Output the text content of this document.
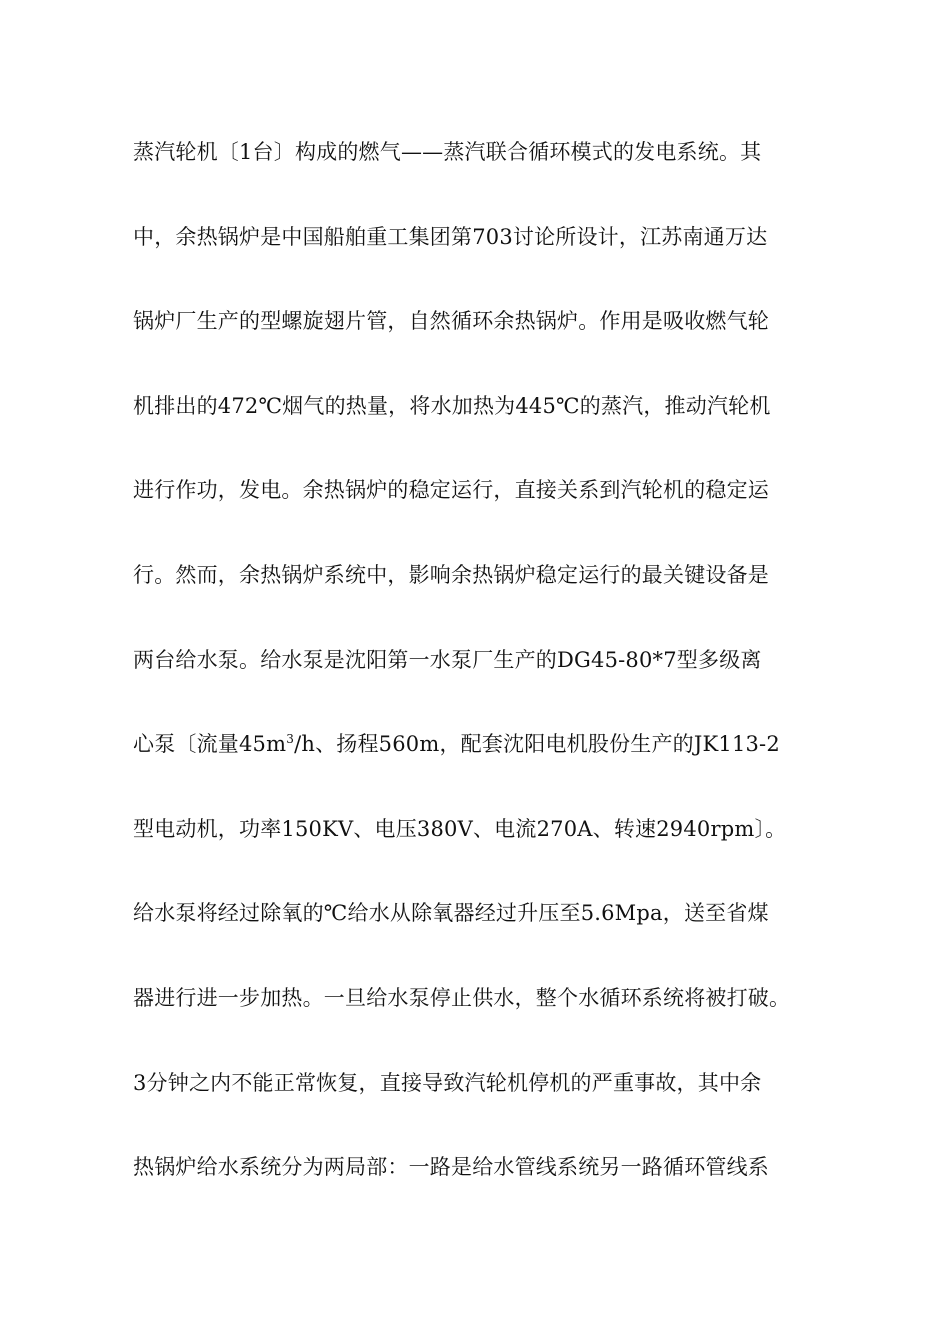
蒸汽轮机〔1台〕构成的燃气——蒸汽联合循环模式的发电系统。其
中，余热锅炉是中国船舶重工集团第703讨论所设计，江苏南通万达
锅炉厂生产的型螺旋翅片管，自然循环余热锅炉。作用是吸收燃气轮
机排出的472℃烟气的热量，将水加热为445℃的蒸汽，推动汽轮机
进行作功，发电。余热锅炉的稳定运行，直接关系到汽轮机的稳定运
行。然而，余热锅炉系统中，影响余热锅炉稳定运行的最关键设备是
两台给水泵。给水泵是沈阳第一水泵厂生产的DG45-80*7型多级离
心泵〔流量$45m^3/h$、扬程560m，配套沈阳电机股份生产的JK113-2
型电动机，功率150KV、电压380V、电流270A、转速2940rpm〕。
给水泵将经过除氧的℃给水从除氧器经过升压至5.6Mpa，送至省煤
器进行进一步加热。一旦给水泵停止供水，整个水循环系统将被打破。
3分钟之内不能正常恢复，直接导致汽轮机停机的严重事故，其中余
热锅炉给水系统分为两局部：一路是给水管线系统另一路循环管线系
